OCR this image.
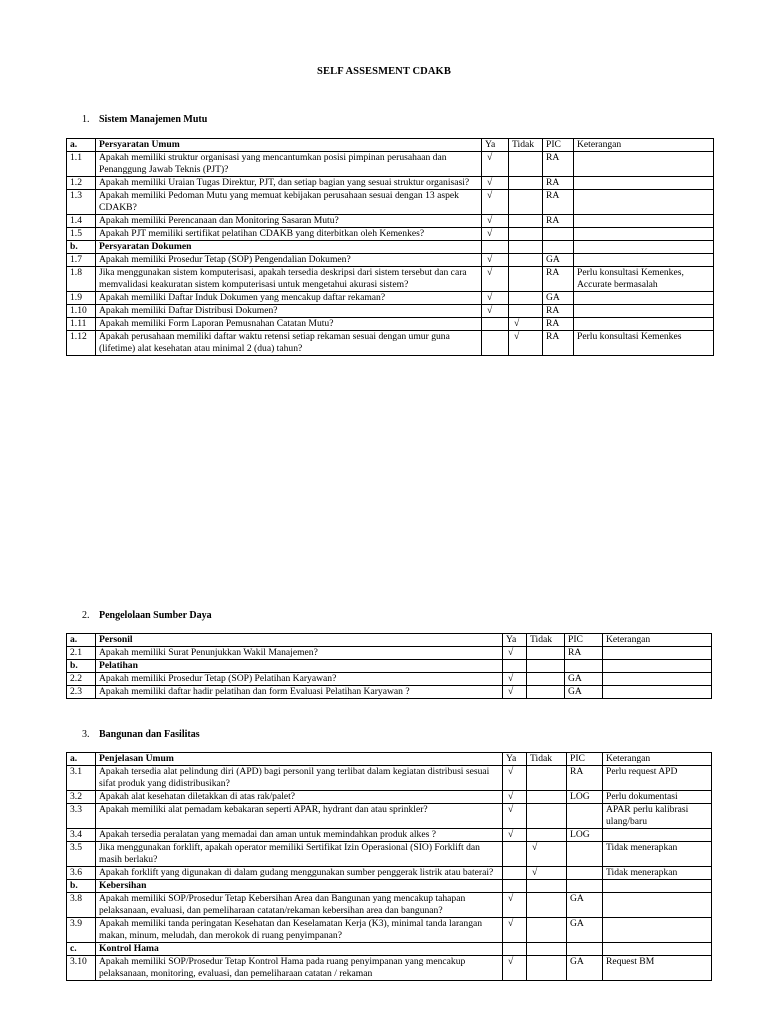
SELF ASSESMENT CDAKB
1. Sistem Manajemen Mutu
a.	Persyaratan Umum	Ya	Tidak	PIC	Keterangan
1.1	Apakah memiliki struktur organisasi yang mencantumkan posisi pimpinan perusahaan dan Penanggung Jawab Teknis (PJT)?	√		RA	
1.2	Apakah memiliki Uraian Tugas Direktur, PJT, dan setiap bagian yang sesuai struktur organisasi?	√		RA	
1.3	Apakah memiliki Pedoman Mutu yang memuat kebijakan perusahaan sesuai dengan 13 aspek CDAKB?	√		RA	
1.4	Apakah memiliki Perencanaan dan Monitoring Sasaran Mutu?	√		RA	
1.5	Apakah PJT memiliki sertifikat pelatihan CDAKB yang diterbitkan oleh Kemenkes?	√			
b.	Persyaratan Dokumen				
1.7	Apakah memiliki Prosedur Tetap (SOP) Pengendalian Dokumen?	√		GA	
1.8	Jika menggunakan sistem komputerisasi, apakah tersedia deskripsi dari sistem tersebut dan cara memvalidasi keakuratan sistem komputerisasi untuk mengetahui akurasi sistem?	√		RA	Perlu konsultasi Kemenkes, Accurate bermasalah
1.9	Apakah memiliki Daftar Induk Dokumen yang mencakup daftar rekaman?	√		GA	
1.10	Apakah memiliki Daftar Distribusi Dokumen?	√		RA	
1.11	Apakah memiliki Form Laporan Pemusnahan Catatan Mutu?		√	RA	
1.12	Apakah perusahaan memiliki daftar waktu retensi setiap rekaman sesuai dengan umur guna (lifetime) alat kesehatan atau minimal 2 (dua) tahun?		√	RA	Perlu konsultasi Kemenkes
2. Pengelolaan Sumber Daya
a.	Personil	Ya	Tidak	PIC	Keterangan
2.1	Apakah memiliki Surat Penunjukkan Wakil Manajemen?	√		RA	
b.	Pelatihan				
2.2	Apakah memiliki Prosedur Tetap (SOP) Pelatihan Karyawan?	√		GA	
2.3	Apakah memiliki daftar hadir pelatihan dan form Evaluasi Pelatihan Karyawan ?	√		GA	
3. Bangunan dan Fasilitas
a.	Penjelasan Umum	Ya	Tidak	PIC	Keterangan
3.1	Apakah tersedia alat pelindung diri (APD) bagi personil yang terlibat dalam kegiatan distribusi sesuai sifat produk yang didistribusikan?	√		RA	Perlu request APD
3.2	Apakah alat kesehatan diletakkan di atas rak/palet?	√		LOG	Perlu dokumentasi
3.3	Apakah memiliki alat pemadam kebakaran seperti APAR, hydrant dan atau sprinkler?	√			APAR perlu kalibrasi ulang/baru
3.4	Apakah tersedia peralatan yang memadai dan aman untuk memindahkan produk alkes ?	√		LOG	
3.5	Jika menggunakan forklift, apakah operator memiliki Sertifikat Izin Operasional (SIO) Forklift dan masih berlaku?		√		Tidak menerapkan
3.6	Apakah forklift yang digunakan di dalam gudang menggunakan sumber penggerak listrik atau baterai?		√		Tidak menerapkan
b.	Kebersihan				
3.8	Apakah memiliki SOP/Prosedur Tetap Kebersihan Area dan Bangunan yang mencakup tahapan pelaksanaan, evaluasi, dan pemeliharaan catatan/rekaman kebersihan area dan bangunan?	√		GA	
3.9	Apakah memiliki tanda peringatan Kesehatan dan Keselamatan Kerja (K3), minimal tanda larangan makan, minum, meludah, dan merokok di ruang penyimpanan?	√		GA	
c.	Kontrol Hama				
3.10	Apakah memiliki SOP/Prosedur Tetap Kontrol Hama pada ruang penyimpanan yang mencakup pelaksanaan, monitoring, evaluasi, dan pemeliharaan catatan / rekaman	√		GA	Request BM
